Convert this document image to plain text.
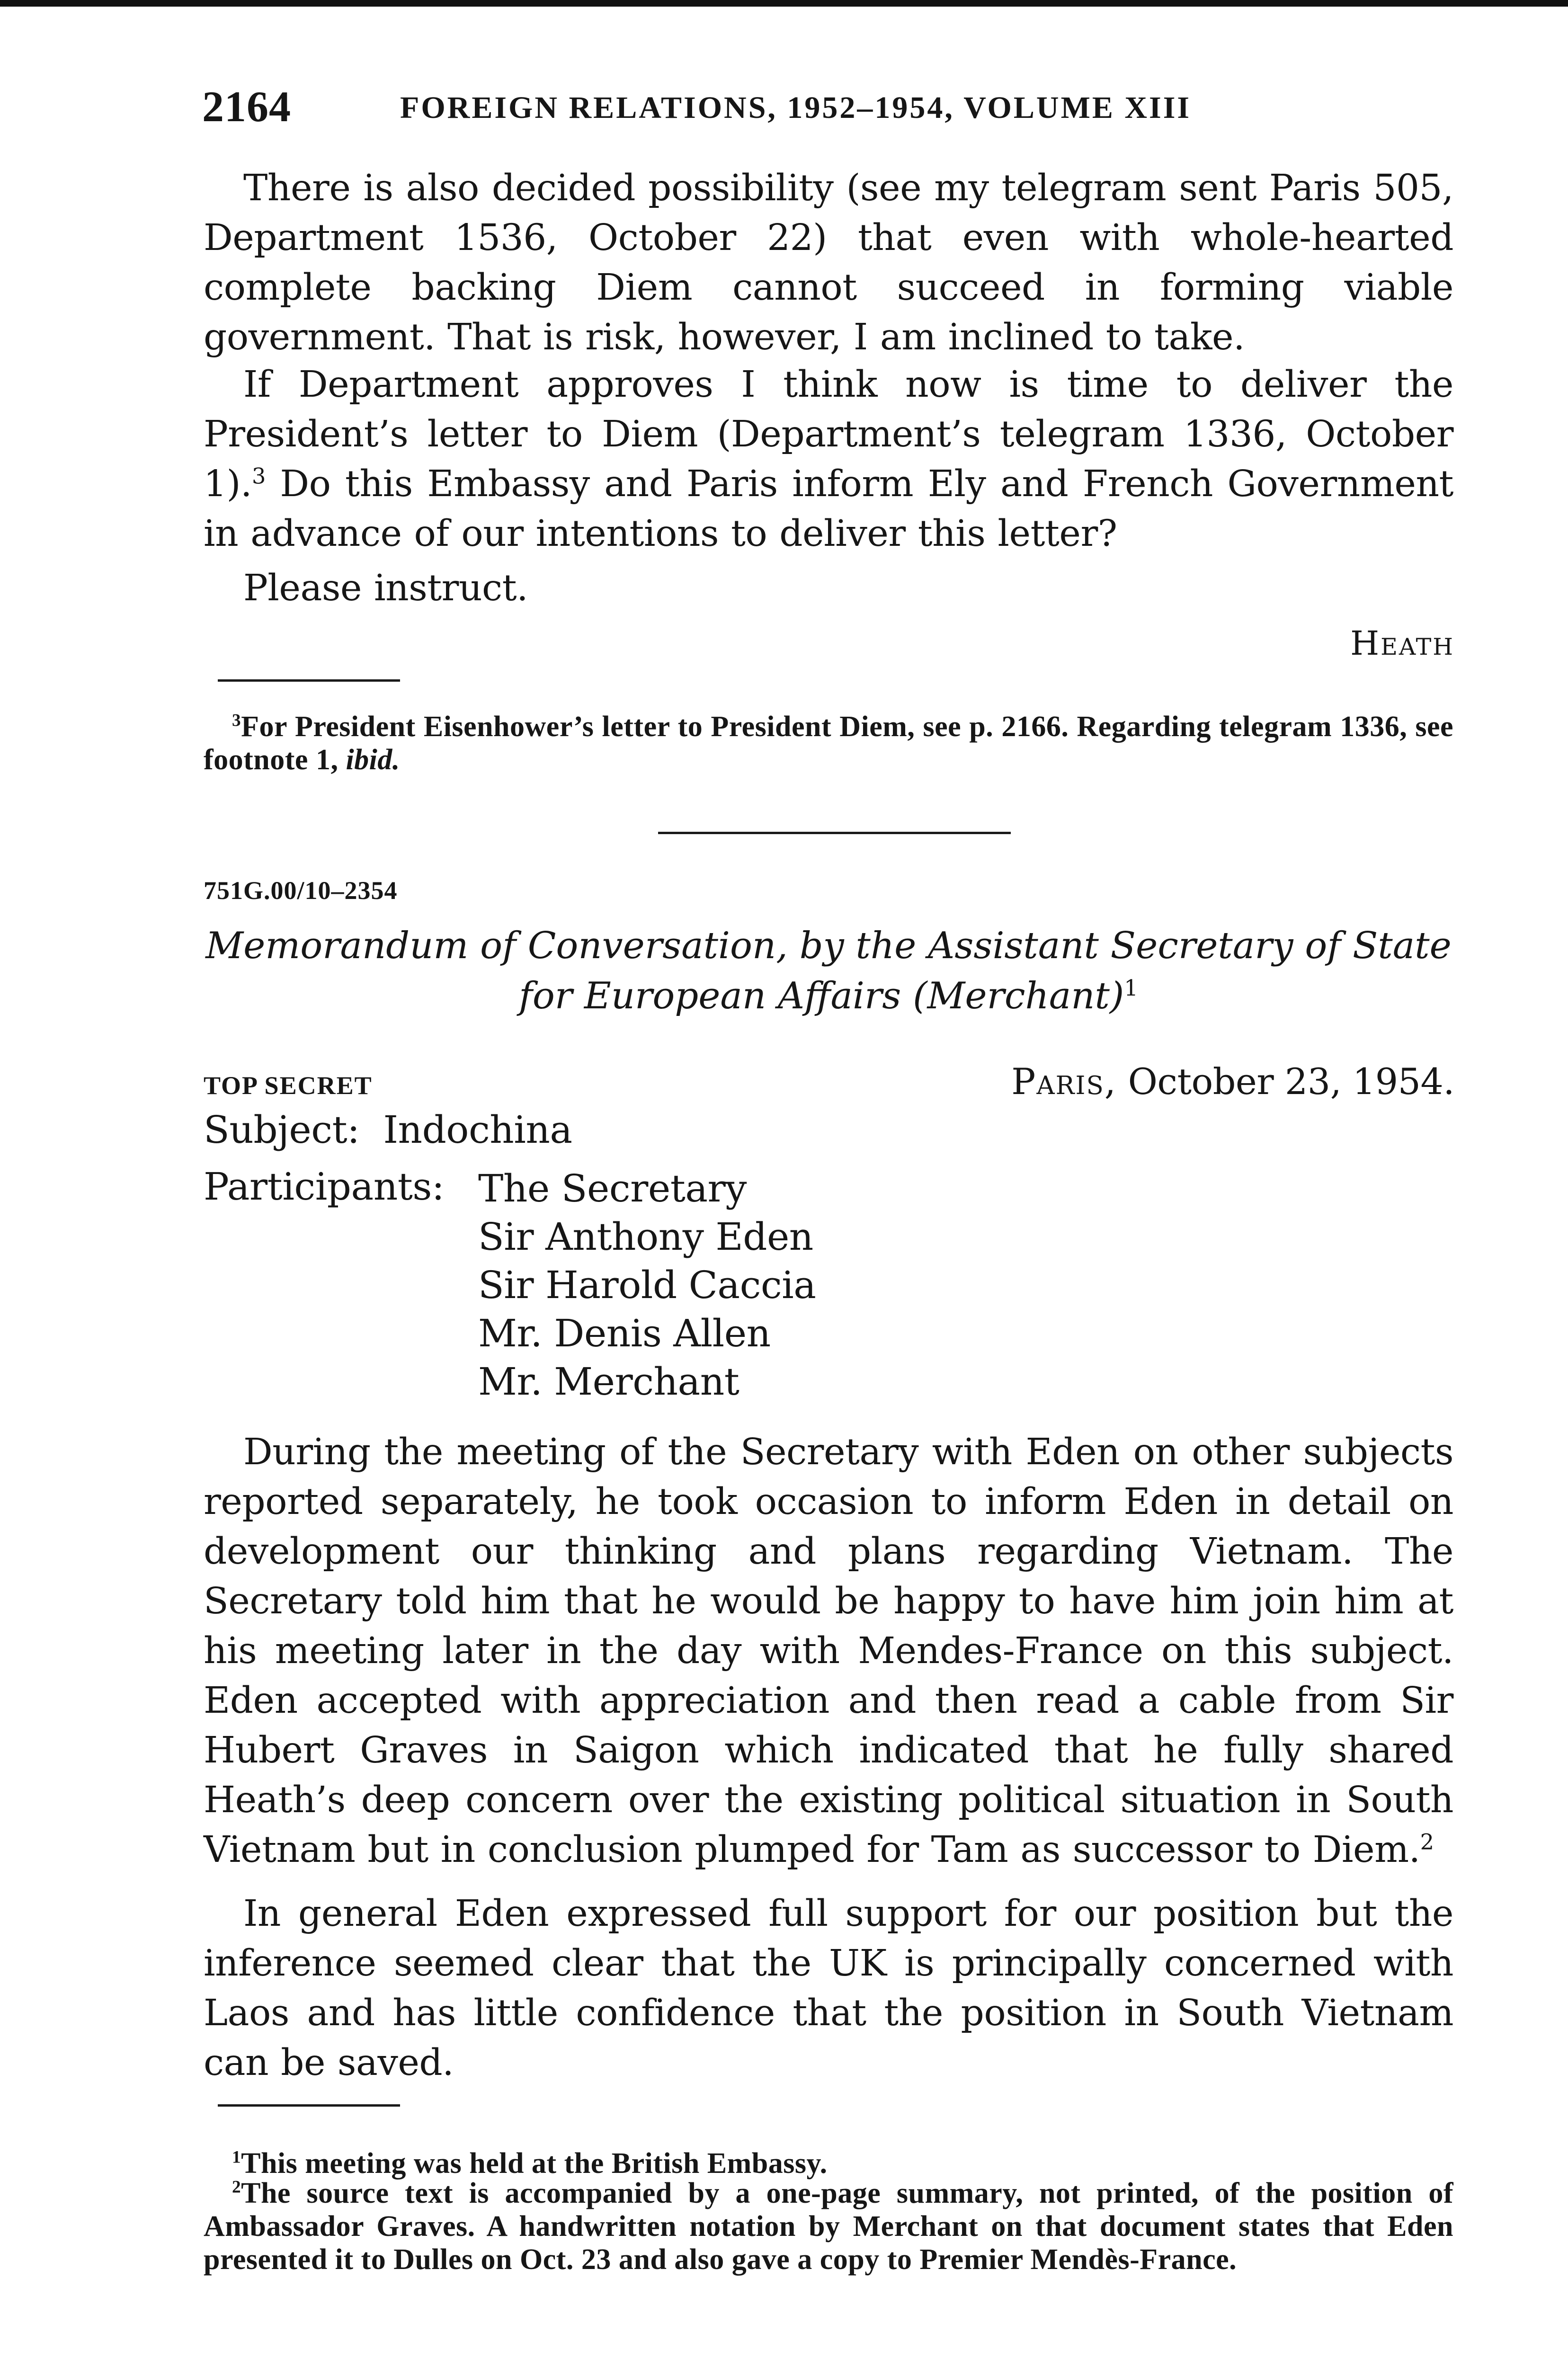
2164	FOREIGN RELATIONS, 1952–1954, VOLUME XIII
There is also decided possibility (see my telegram sent Paris 505, Department 1536, October 22) that even with whole-hearted complete backing Diem cannot succeed in forming viable government. That is risk, however, I am inclined to take.
If Department approves I think now is time to deliver the President’s letter to Diem (Department’s telegram 1336, October 1).$^3$ Do this Embassy and Paris inform Ely and French Government in advance of our intentions to deliver this letter?
Please instruct.
Heath
$^3$For President Eisenhower’s letter to President Diem, see p. 2166. Regarding telegram 1336, see footnote 1, ibid.
751G.00/10–2354
Memorandum of Conversation, by the Assistant Secretary of State for European Affairs (Merchant)$^1$
TOP SECRET	Paris, October 23, 1954.
Subject: Indochina
Participants: The Secretary
Sir Anthony Eden
Sir Harold Caccia
Mr. Denis Allen
Mr. Merchant
During the meeting of the Secretary with Eden on other subjects reported separately, he took occasion to inform Eden in detail on development our thinking and plans regarding Vietnam. The Secretary told him that he would be happy to have him join him at his meeting later in the day with Mendes-France on this subject. Eden accepted with appreciation and then read a cable from Sir Hubert Graves in Saigon which indicated that he fully shared Heath’s deep concern over the existing political situation in South Vietnam but in conclusion plumped for Tam as successor to Diem.$^2$
In general Eden expressed full support for our position but the inference seemed clear that the UK is principally concerned with Laos and has little confidence that the position in South Vietnam can be saved.
$^1$This meeting was held at the British Embassy.
$^2$The source text is accompanied by a one-page summary, not printed, of the position of Ambassador Graves. A handwritten notation by Merchant on that document states that Eden presented it to Dulles on Oct. 23 and also gave a copy to Premier Mendès-France.
